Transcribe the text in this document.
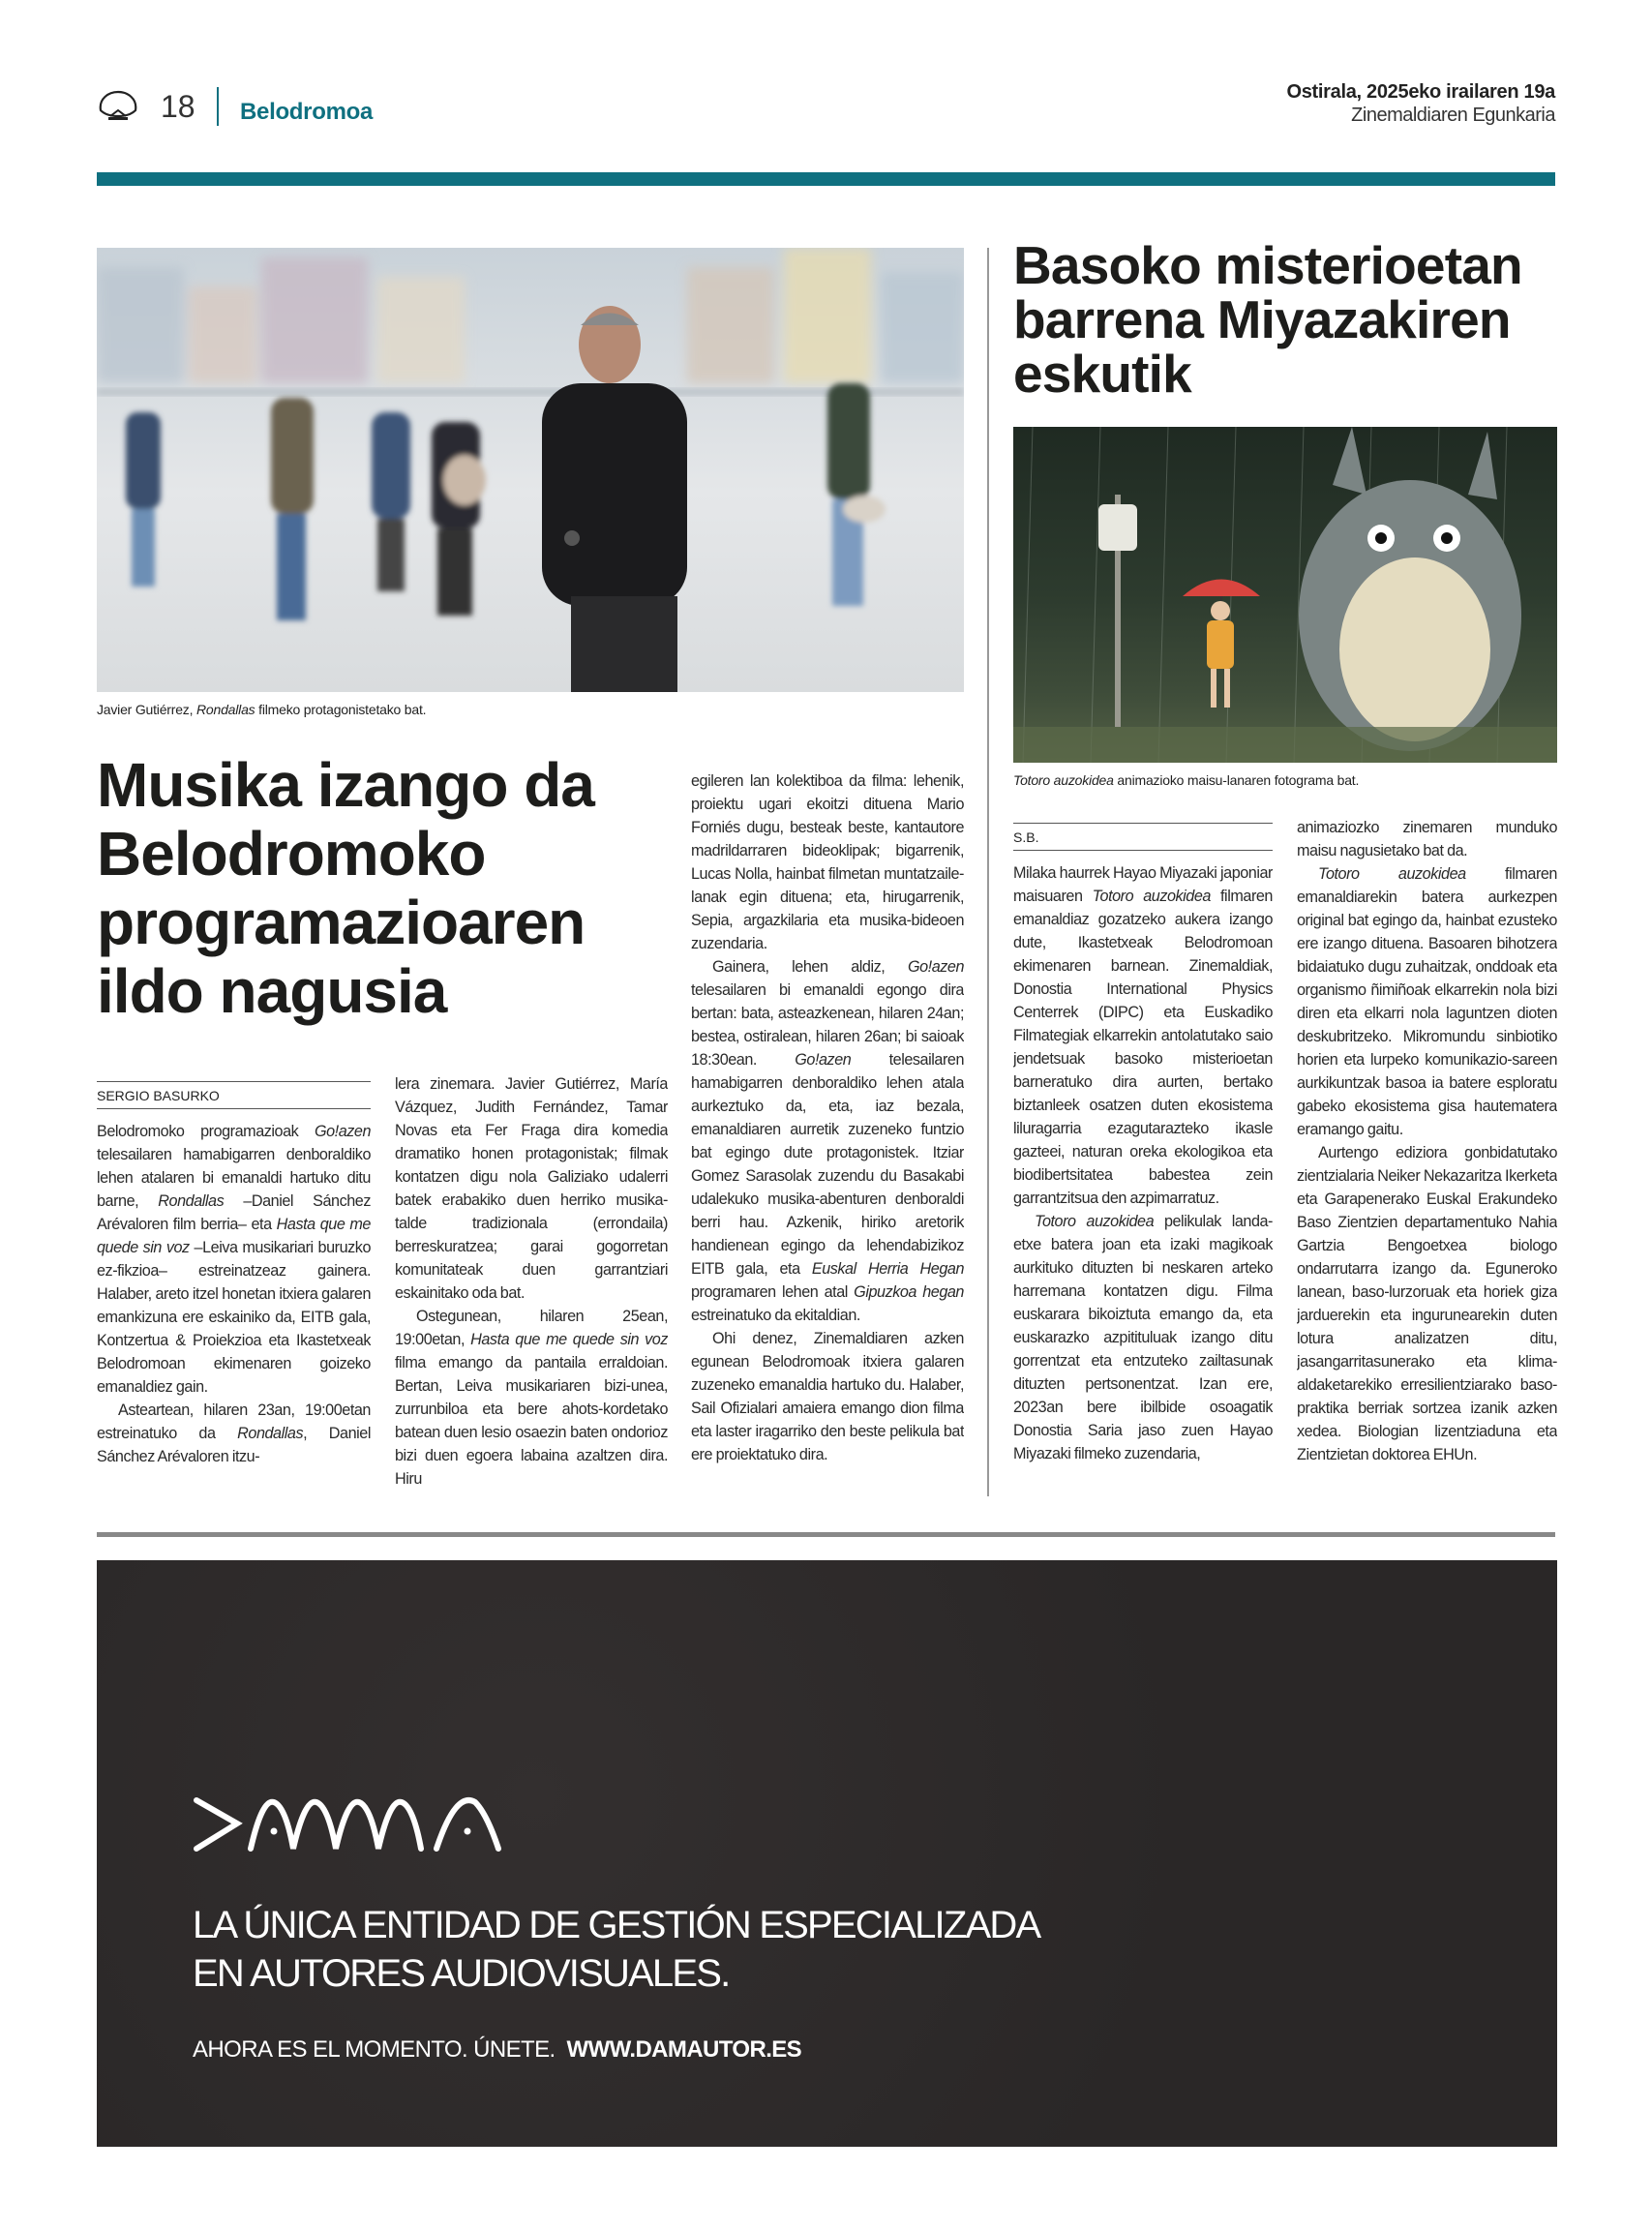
18 Belodromoa
Ostirala, 2025eko irailaren 19a
Zinemaldiaren Egunkaria
Javier Gutiérrez, Rondallas filmeko protagonistetako bat.
Basoko misterioetan barrena Miyazakiren eskutik
Totoro auzokidea animazioko maisu-lanaren fotograma bat.
S.B.
Musika izango da Belodromoko programazioaren ildo nagusia
SERGIO BASURKO

Belodromoko programazioak Go!azen telesailaren hamabigarren denboraldiko lehen atalaren bi emanaldi hartuko ditu barne, Rondallas –Daniel Sánchez Arévaloren film berria– eta Hasta que me quede sin voz –Leiva musikariari buruzko ez-fikzioa– estreinatzeaz gainera. Halaber, areto itzel honetan itxiera galaren emankizuna ere eskainiko da, EITB gala, Kontzertua & Proiekzioa eta Ikastetxeak Belodromoan ekimenaren goizeko emanaldiez gain.

Asteartean, hilaren 23an, 19:00etan estreinatuko da Rondallas, Daniel Sánchez Arévaloren itzu-

lera zinemara. Javier Gutiérrez, María Vázquez, Judith Fernández, Tamar Novas eta Fer Fraga dira komedia dramatiko honen protagonistak; filmak kontatzen digu nola Galiziako udalerri batek erabakiko duen herriko musika-talde tradizionala (errondaila) berreskuratzea; garai gogorretan komunitateak duen garrantziari eskainitako oda bat.

Ostegunean, hilaren 25ean, 19:00etan, Hasta que me quede sin voz filma emango da pantaila erraldoian. Bertan, Leiva musikariaren bizi-unea, zurrunbiloa eta bere ahots-kordetako batean duen lesio osaezin baten ondorioz bizi duen egoera labaina azaltzen dira. Hiru

egileren lan kolektiboa da filma: lehenik, proiektu ugari ekoitzi dituena Mario Forniés dugu, besteak beste, kantautore madrildarraren bideoklipak; bigarrenik, Lucas Nolla, hainbat filmetan muntatzaile-lanak egin dituena; eta, hirugarrenik, Sepia, argazkilaria eta musika-bideoen zuzendaria.

Gainera, lehen aldiz, Go!azen telesailaren bi emanaldi egongo dira bertan: bata, asteazkenean, hilaren 24an; bestea, ostiralean, hilaren 26an; bi saioak 18:30ean. Go!azen telesailaren hamabigarren denboraldiko lehen atala aurkeztuko da, eta, iaz bezala, emanaldiaren aurretik zuzeneko funtzio bat egingo dute protagonistek. Itziar Gomez Sarasolak zuzendu du Basakabi udalekuko musika-abenturen denboraldi berri hau. Azkenik, hiriko aretorik handienean egingo da lehendabizikoz EITB gala, eta Euskal Herria Hegan programaren lehen atal Gipuzkoa hegan estreinatuko da ekitaldian.

Ohi denez, Zinemaldiaren azken egunean Belodromoak itxiera galaren zuzeneko emanaldia hartuko du. Halaber, Sail Ofizialari amaiera emango dion filma eta laster iragarriko den beste pelikula bat ere proiektatuko dira.

Milaka haurrek Hayao Miyazaki japoniar maisuaren Totoro auzokidea filmaren emanaldiaz gozatzeko aukera izango dute, Ikastetxeak Belodromoan ekimenaren barnean. Zinemaldiak, Donostia International Physics Centerrek (DIPC) eta Euskadiko Filmategiak elkarrekin antolatutako saio jendetsuak basoko misterioetan barneratuko dira aurten, bertako biztanleek osatzen duten ekosistema liluragarria ezagutarazteko ikasle gazteei, naturan oreka ekologikoa eta biodibertsitatea babestea zein garrantzitsua den azpimarratuz.

Totoro auzokidea pelikulak landa-etxe batera joan eta izaki magikoak aurkituko dituzten bi neskaren arteko harremana kontatzen digu. Filma euskarara bikoiztuta emango da, eta euskarazko azpitituluak izango ditu gorrentzat eta entzuteko zailtasunak dituzten pertsonentzat. Izan ere, 2023an bere ibilbide osoagatik Donostia Saria jaso zuen Hayao Miyazaki filmeko zuzendaria,

animaziozko zinemaren munduko maisu nagusietako bat da.

Totoro auzokidea filmaren emanaldiarekin batera aurkezpen original bat egingo da, hainbat ezusteko ere izango dituena. Basoaren bihotzera bidaiatuko dugu zuhaitzak, onddoak eta organismo ñimiñoak elkarrekin nola bizi diren eta elkarri nola laguntzen dioten deskubritzeko. Mikromundu sinbiotiko horien eta lurpeko komunikazio-sareen aurkikuntzak basoa ia batere esploratu gabeko ekosistema gisa hautematera eramango gaitu.

Aurtengo ediziora gonbidatutako zientzialaria Neiker Nekazaritza Ikerketa eta Garapenerako Euskal Erakundeko Baso Zientzien departamentuko Nahia Gartzia Bengoetxea biologo ondarrutarra izango da. Eguneroko lanean, baso-lurzoruak eta horiek giza jarduerekin eta ingurunearekin duten lotura analizatzen ditu, jasangarritasunerako eta klima-aldaketarekiko erresilientziarako baso-praktika berriak sortzea izanik azken xedea. Biologian lizentziaduna eta Zientzietan doktorea EHUn.

LA ÚNICA ENTIDAD DE GESTIÓN ESPECIALIZADA
EN AUTORES AUDIOVISUALES.
AHORA ES EL MOMENTO. ÚNETE. WWW.DAMAUTOR.ES
